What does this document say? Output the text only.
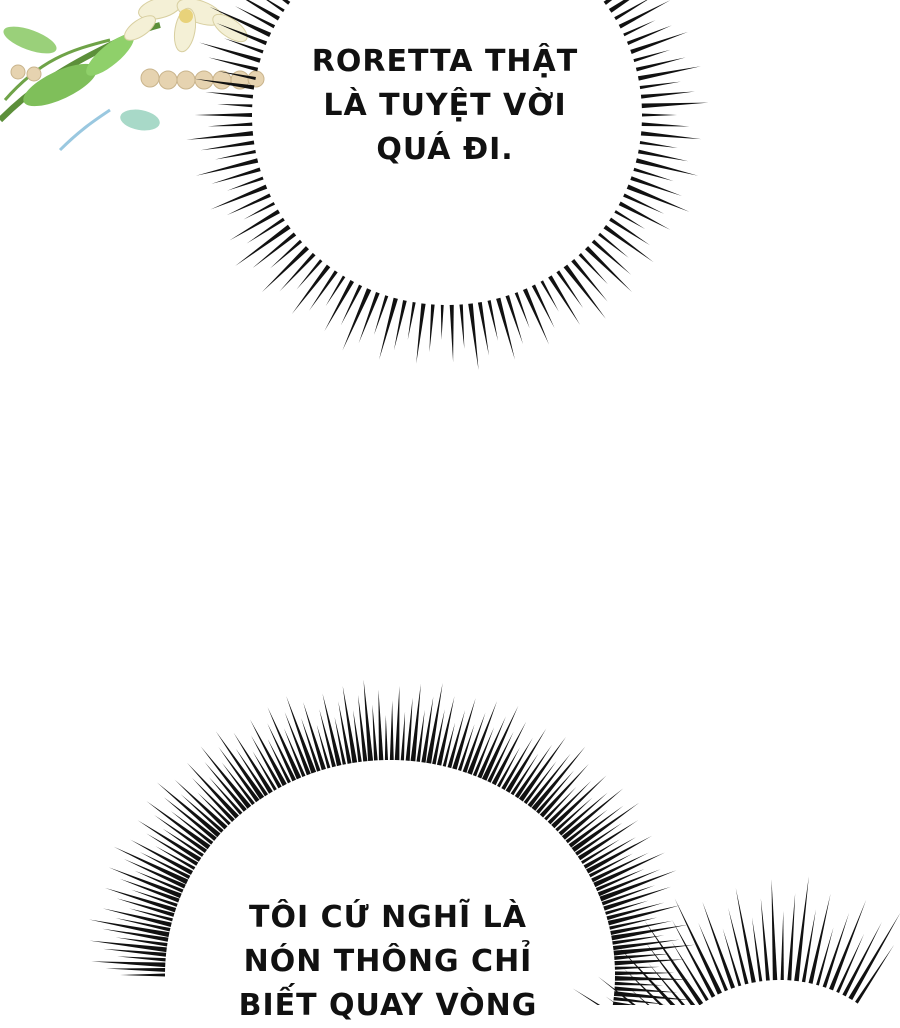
RORETTA THẬT
LÀ TUYỆT VỜI
QUÁ ĐI.
TÔI CỨ NGHĨ LÀ
NÓN THÔNG CHỈ
BIẾT QUAY VÒNG
